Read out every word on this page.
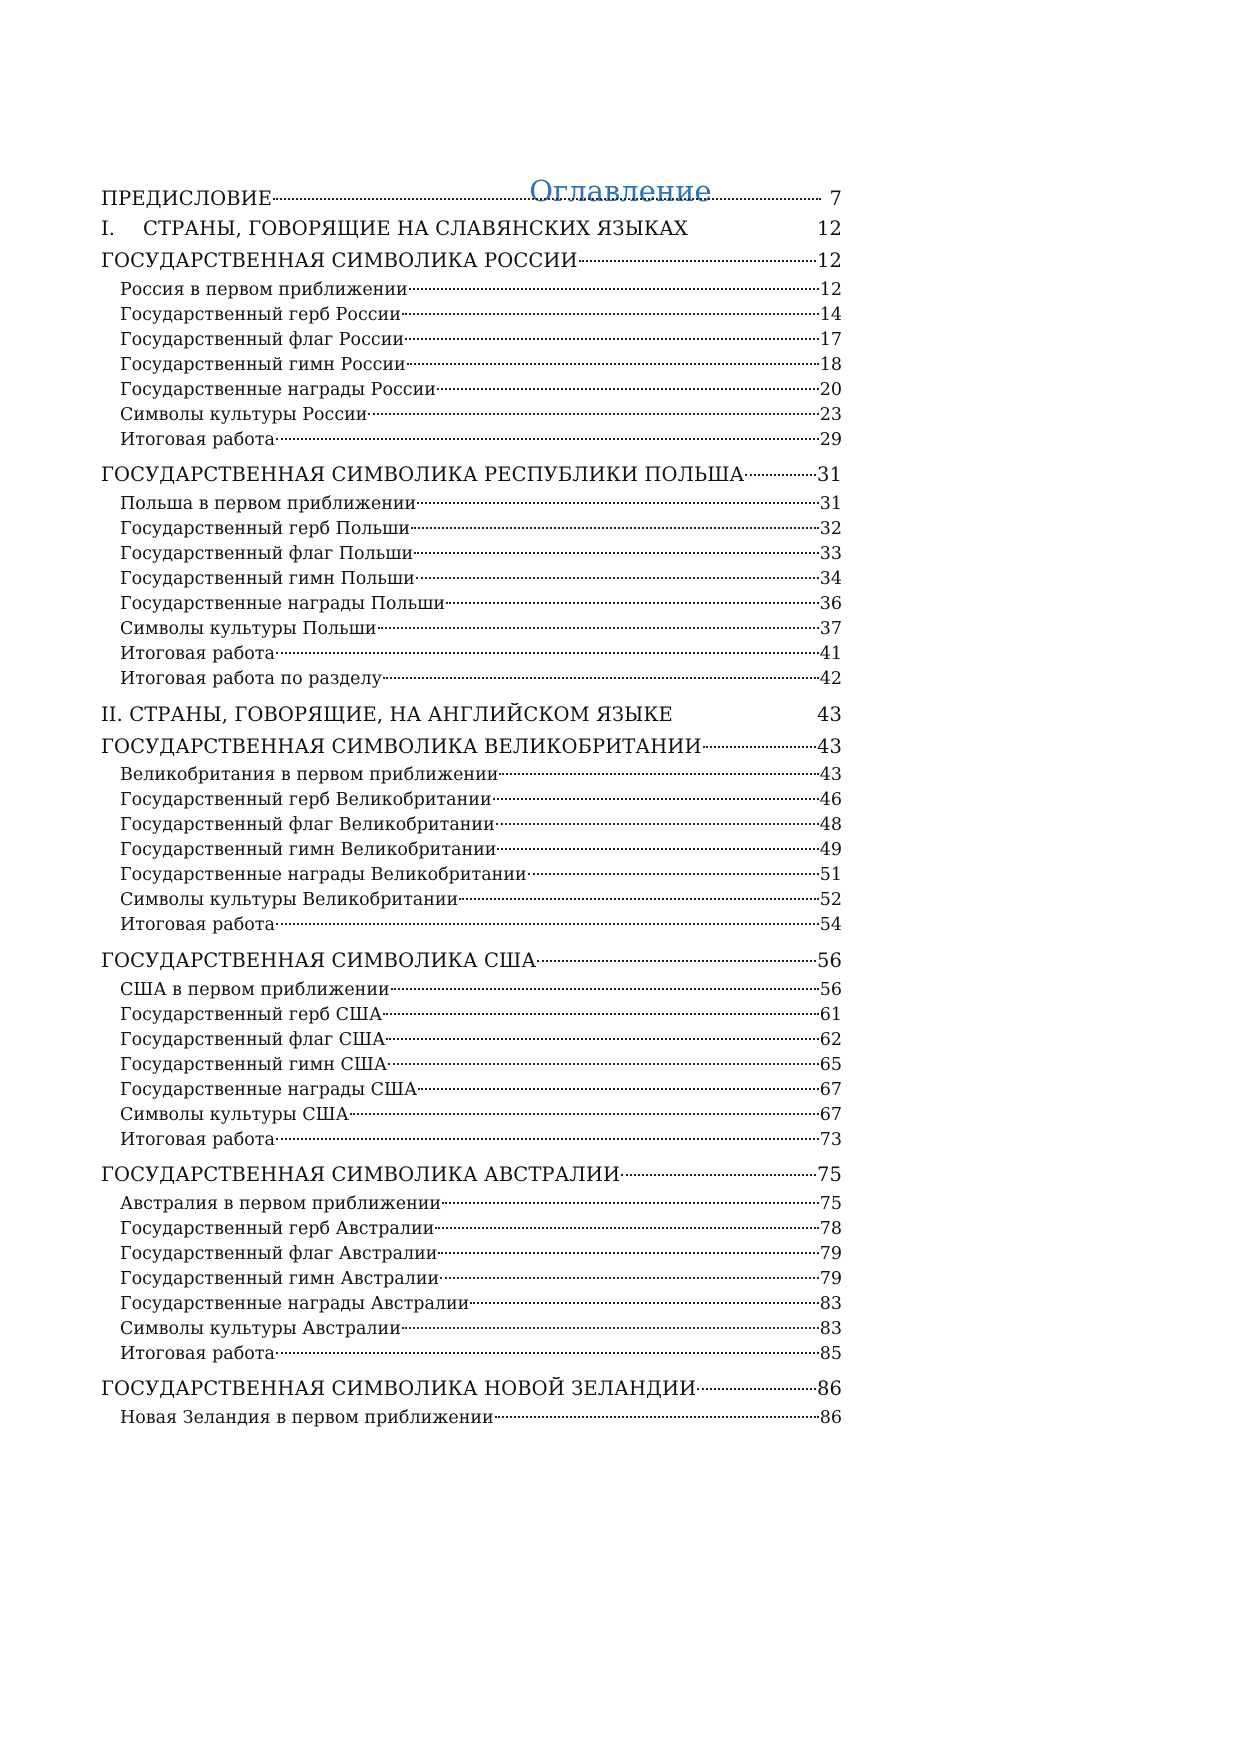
Оглавление
ПРЕДИСЛОВИЕ	7
I.	СТРАНЫ, ГОВОРЯЩИЕ НА СЛАВЯНСКИХ ЯЗЫКАХ	12
ГОСУДАРСТВЕННАЯ СИМВОЛИКА РОССИИ	12
Россия в первом приближении	12
Государственный герб России	14
Государственный флаг России	17
Государственный гимн России	18
Государственные награды России	20
Символы культуры России	23
Итоговая работа	29
ГОСУДАРСТВЕННАЯ СИМВОЛИКА РЕСПУБЛИКИ ПОЛЬША	31
Польша в первом приближении	31
Государственный герб Польши	32
Государственный флаг Польши	33
Государственный гимн Польши	34
Государственные награды Польши	36
Символы культуры Польши	37
Итоговая работа	41
Итоговая работа по разделу	42
II. СТРАНЫ, ГОВОРЯЩИЕ, НА АНГЛИЙСКОМ ЯЗЫКЕ	43
ГОСУДАРСТВЕННАЯ СИМВОЛИКА ВЕЛИКОБРИТАНИИ	43
Великобритания в первом приближении	43
Государственный герб Великобритании	46
Государственный флаг Великобритании	48
Государственный гимн Великобритании	49
Государственные награды Великобритании	51
Символы культуры Великобритании	52
Итоговая работа	54
ГОСУДАРСТВЕННАЯ СИМВОЛИКА США	56
США в первом приближении	56
Государственный герб США	61
Государственный флаг США	62
Государственный гимн США	65
Государственные награды США	67
Символы культуры США	67
Итоговая работа	73
ГОСУДАРСТВЕННАЯ СИМВОЛИКА АВСТРАЛИИ	75
Австралия в первом приближении	75
Государственный герб Австралии	78
Государственный флаг Австралии	79
Государственный гимн Австралии	79
Государственные награды Австралии	83
Символы культуры Австралии	83
Итоговая работа	85
ГОСУДАРСТВЕННАЯ СИМВОЛИКА НОВОЙ ЗЕЛАНДИИ	86
Новая Зеландия в первом приближении	86
